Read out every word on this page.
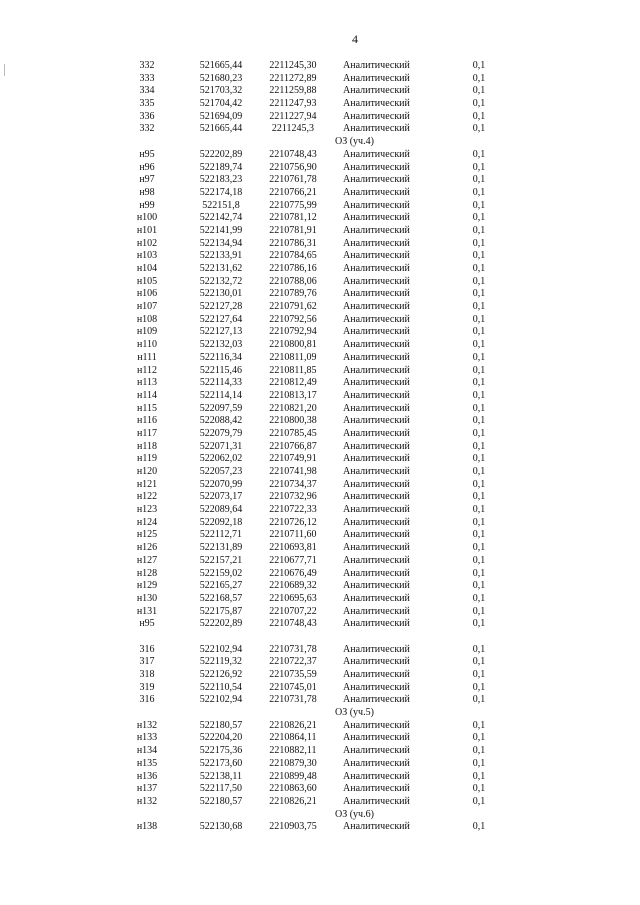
4
332	521665,44	2211245,30	Аналитический	0,1
333	521680,23	2211272,89	Аналитический	0,1
334	521703,32	2211259,88	Аналитический	0,1
335	521704,42	2211247,93	Аналитический	0,1
336	521694,09	2211227,94	Аналитический	0,1
332	521665,44	2211245,3	Аналитический	0,1
ОЗ (уч.4)
н95	522202,89	2210748,43	Аналитический	0,1
н96	522189,74	2210756,90	Аналитический	0,1
н97	522183,23	2210761,78	Аналитический	0,1
н98	522174,18	2210766,21	Аналитический	0,1
н99	522151,8	2210775,99	Аналитический	0,1
н100	522142,74	2210781,12	Аналитический	0,1
н101	522141,99	2210781,91	Аналитический	0,1
н102	522134,94	2210786,31	Аналитический	0,1
н103	522133,91	2210784,65	Аналитический	0,1
н104	522131,62	2210786,16	Аналитический	0,1
н105	522132,72	2210788,06	Аналитический	0,1
н106	522130,01	2210789,76	Аналитический	0,1
н107	522127,28	2210791,62	Аналитический	0,1
н108	522127,64	2210792,56	Аналитический	0,1
н109	522127,13	2210792,94	Аналитический	0,1
н110	522132,03	2210800,81	Аналитический	0,1
н111	522116,34	2210811,09	Аналитический	0,1
н112	522115,46	2210811,85	Аналитический	0,1
н113	522114,33	2210812,49	Аналитический	0,1
н114	522114,14	2210813,17	Аналитический	0,1
н115	522097,59	2210821,20	Аналитический	0,1
н116	522088,42	2210800,38	Аналитический	0,1
н117	522079,79	2210785,45	Аналитический	0,1
н118	522071,31	2210766,87	Аналитический	0,1
н119	522062,02	2210749,91	Аналитический	0,1
н120	522057,23	2210741,98	Аналитический	0,1
н121	522070,99	2210734,37	Аналитический	0,1
н122	522073,17	2210732,96	Аналитический	0,1
н123	522089,64	2210722,33	Аналитический	0,1
н124	522092,18	2210726,12	Аналитический	0,1
н125	522112,71	2210711,60	Аналитический	0,1
н126	522131,89	2210693,81	Аналитический	0,1
н127	522157,21	2210677,71	Аналитический	0,1
н128	522159,02	2210676,49	Аналитический	0,1
н129	522165,27	2210689,32	Аналитический	0,1
н130	522168,57	2210695,63	Аналитический	0,1
н131	522175,87	2210707,22	Аналитический	0,1
н95	522202,89	2210748,43	Аналитический	0,1
316	522102,94	2210731,78	Аналитический	0,1
317	522119,32	2210722,37	Аналитический	0,1
318	522126,92	2210735,59	Аналитический	0,1
319	522110,54	2210745,01	Аналитический	0,1
316	522102,94	2210731,78	Аналитический	0,1
ОЗ (уч.5)
н132	522180,57	2210826,21	Аналитический	0,1
н133	522204,20	2210864,11	Аналитический	0,1
н134	522175,36	2210882,11	Аналитический	0,1
н135	522173,60	2210879,30	Аналитический	0,1
н136	522138,11	2210899,48	Аналитический	0,1
н137	522117,50	2210863,60	Аналитический	0,1
н132	522180,57	2210826,21	Аналитический	0,1
ОЗ (уч.6)
н138	522130,68	2210903,75	Аналитический	0,1
